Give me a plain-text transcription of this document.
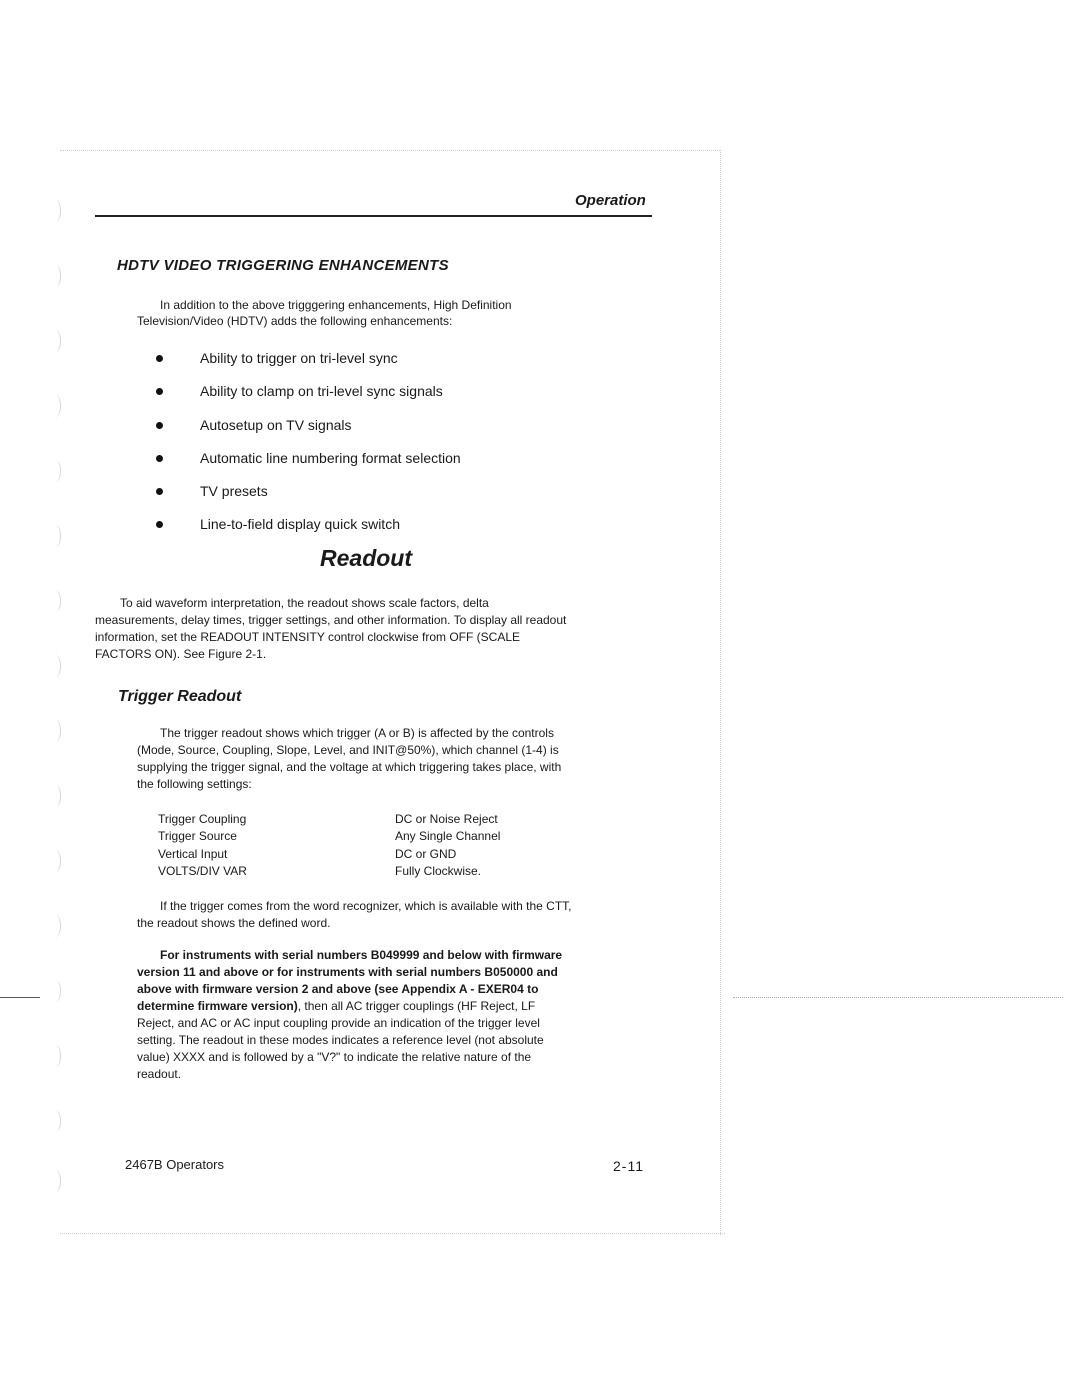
Operation
HDTV VIDEO TRIGGERING ENHANCEMENTS
In addition to the above trigggering enhancements, High Definition
Television/Video (HDTV) adds the following enhancements:
Ability to trigger on tri-level sync
Ability to clamp on tri-level sync signals
Autosetup on TV signals
Automatic line numbering format selection
TV presets
Line-to-field display quick switch
Readout
To aid waveform interpretation, the readout shows scale factors, delta
measurements, delay times, trigger settings, and other information. To display all readout
information, set the READOUT INTENSITY control clockwise from OFF (SCALE
FACTORS ON). See Figure 2-1.
Trigger Readout
The trigger readout shows which trigger (A or B) is affected by the controls
(Mode, Source, Coupling, Slope, Level, and INIT@50%), which channel (1-4) is
supplying the trigger signal, and the voltage at which triggering takes place, with
the following settings:
Trigger Coupling	DC or Noise Reject
Trigger Source	Any Single Channel
Vertical Input	DC or GND
VOLTS/DIV VAR	Fully Clockwise.
If the trigger comes from the word recognizer, which is available with the CTT,
the readout shows the defined word.
For instruments with serial numbers B049999 and below with firmware
version 11 and above or for instruments with serial numbers B050000 and
above with firmware version 2 and above (see Appendix A - EXER04 to
determine firmware version), then all AC trigger couplings (HF Reject, LF
Reject, and AC or AC input coupling provide an indication of the trigger level
setting. The readout in these modes indicates a reference level (not absolute
value) XXXX and is followed by a "V?" to indicate the relative nature of the
readout.
2467B Operators	2-11
